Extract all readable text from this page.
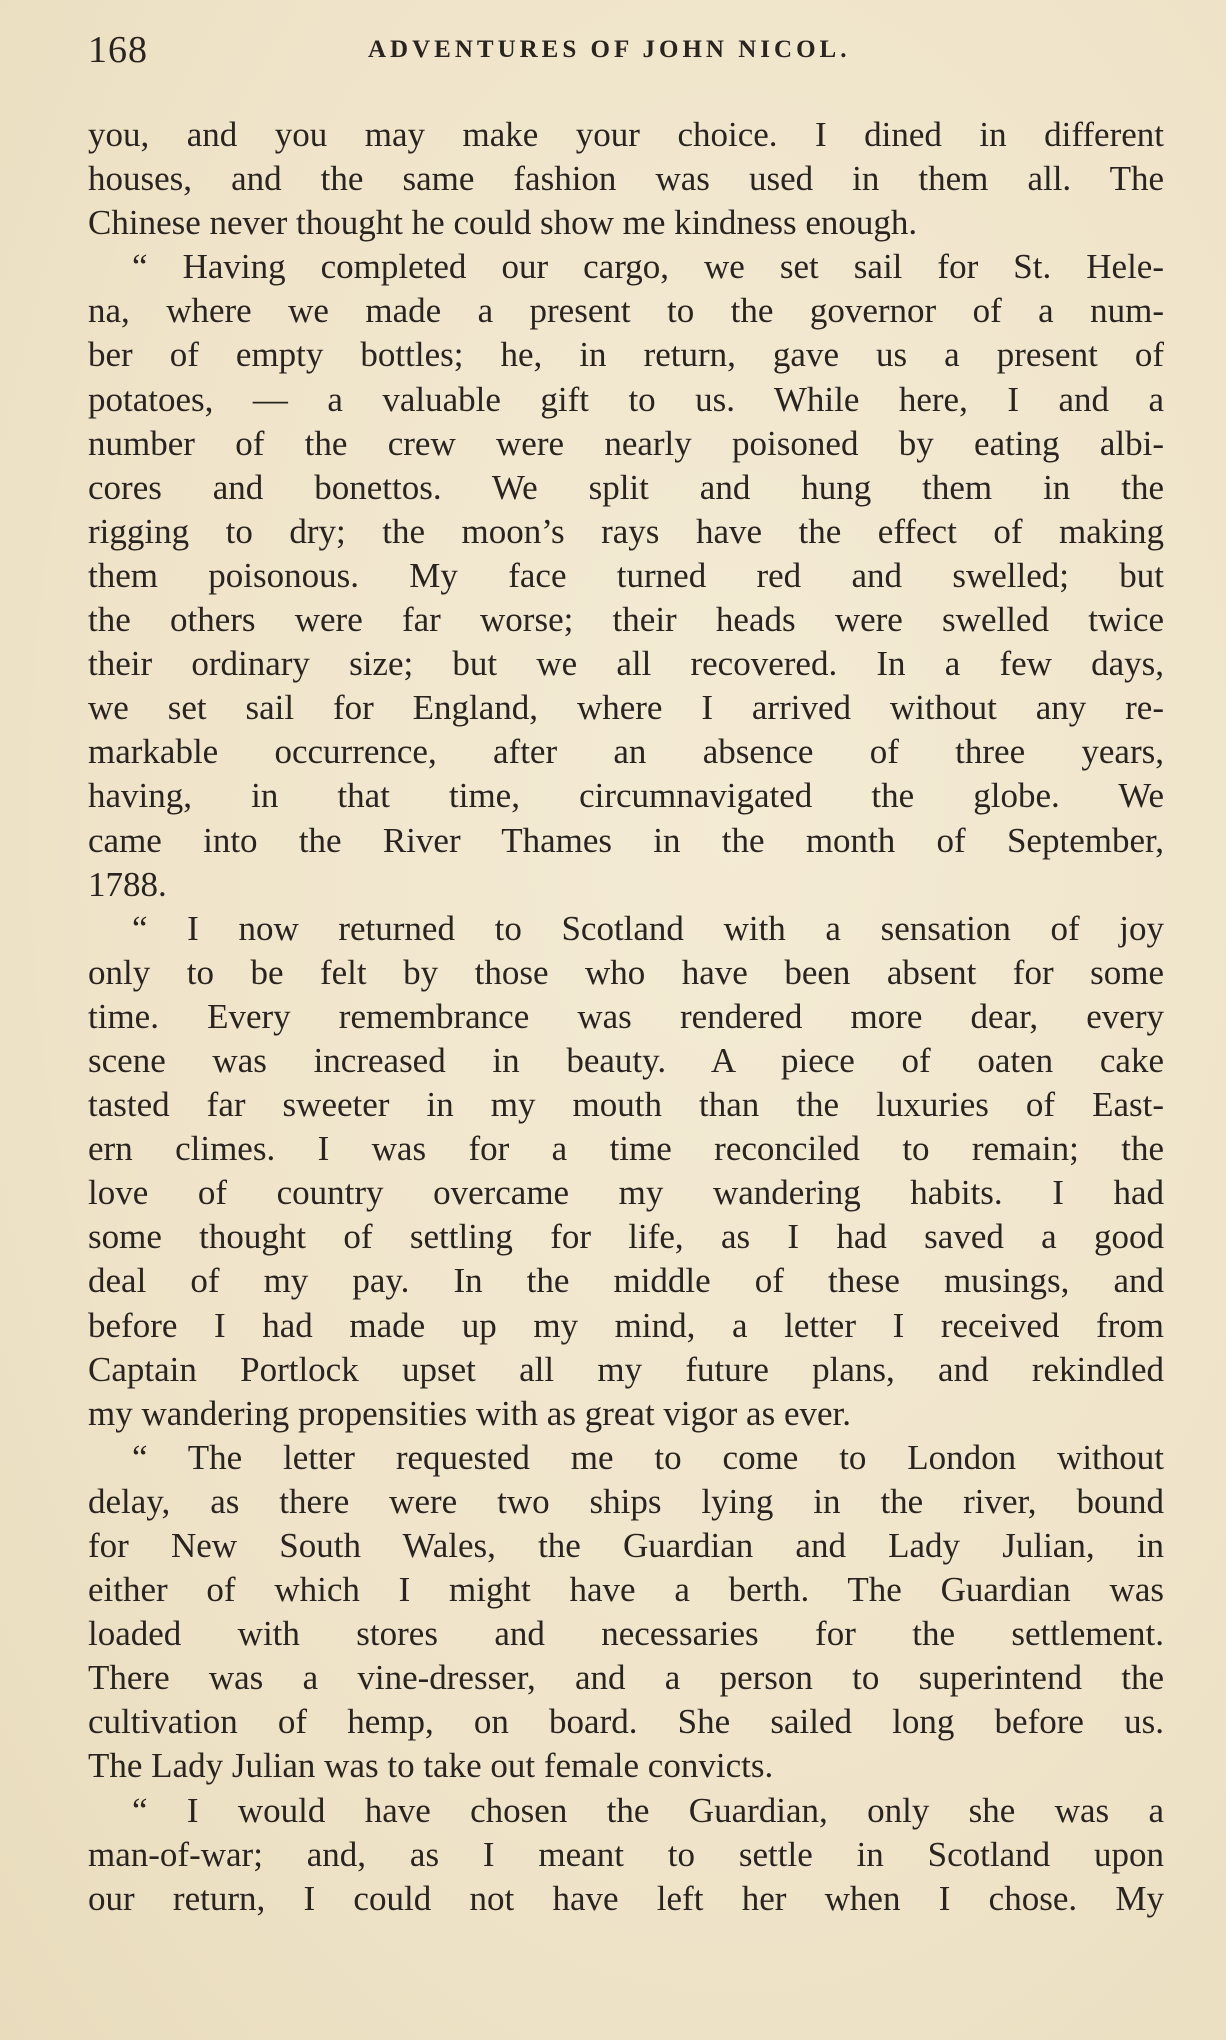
168	ADVENTURES OF JOHN NICOL.
you, and you may make your choice. I dined in different
houses, and the same fashion was used in them all. The
Chinese never thought he could show me kindness enough.
“ Having completed our cargo, we set sail for St. Hele-
na, where we made a present to the governor of a num-
ber of empty bottles; he, in return, gave us a present of
potatoes, — a valuable gift to us. While here, I and a
number of the crew were nearly poisoned by eating albi-
cores and bonettos. We split and hung them in the
rigging to dry; the moon’s rays have the effect of making
them poisonous. My face turned red and swelled; but
the others were far worse; their heads were swelled twice
their ordinary size; but we all recovered. In a few days,
we set sail for England, where I arrived without any re-
markable occurrence, after an absence of three years,
having, in that time, circumnavigated the globe. We
came into the River Thames in the month of September,
1788.
“ I now returned to Scotland with a sensation of joy
only to be felt by those who have been absent for some
time. Every remembrance was rendered more dear, every
scene was increased in beauty. A piece of oaten cake
tasted far sweeter in my mouth than the luxuries of East-
ern climes. I was for a time reconciled to remain; the
love of country overcame my wandering habits. I had
some thought of settling for life, as I had saved a good
deal of my pay. In the middle of these musings, and
before I had made up my mind, a letter I received from
Captain Portlock upset all my future plans, and rekindled
my wandering propensities with as great vigor as ever.
“ The letter requested me to come to London without
delay, as there were two ships lying in the river, bound
for New South Wales, the Guardian and Lady Julian, in
either of which I might have a berth. The Guardian was
loaded with stores and necessaries for the settlement.
There was a vine-dresser, and a person to superintend the
cultivation of hemp, on board. She sailed long before us.
The Lady Julian was to take out female convicts.
“ I would have chosen the Guardian, only she was a
man-of-war; and, as I meant to settle in Scotland upon
our return, I could not have left her when I chose. My
